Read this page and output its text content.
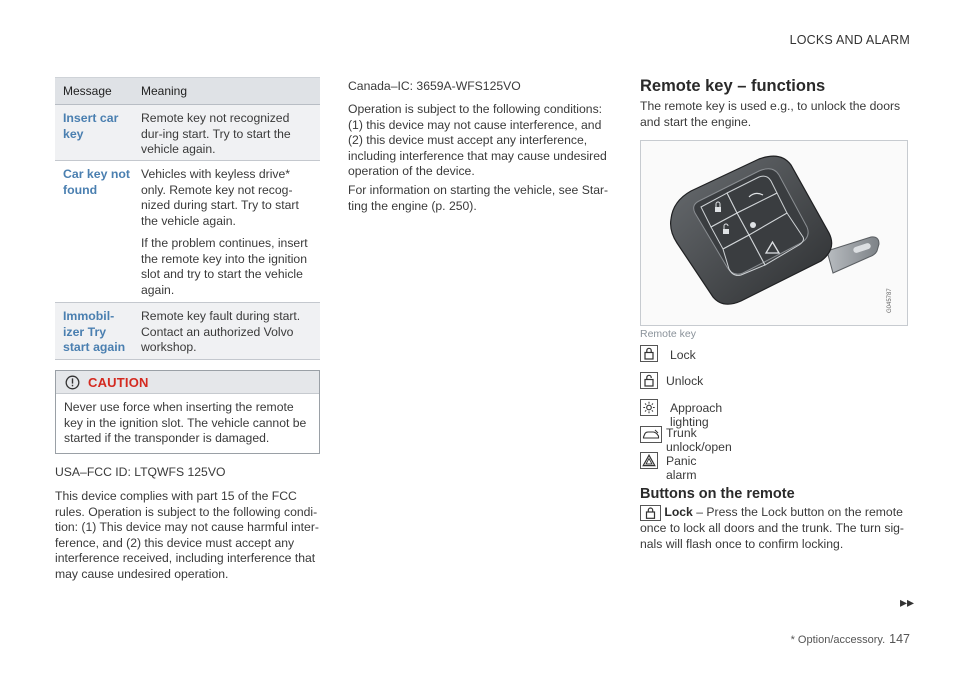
LOCKS AND ALARM
Message Meaning
Insert car key

Remote key not recognized dur-ing start. Try to start the vehicle again.

Car key not found

Vehicles with keyless drive* only. Remote key not recog-nized during start. Try to start the vehicle again.

If the problem continues, insert the remote key into the ignition slot and try to start the vehicle again.

Immobil-izer Try start again

Remote key fault during start. Contact an authorized Volvo workshop.

CAUTION
Never use force when inserting the remote key in the ignition slot. The vehicle cannot be started if the transponder is damaged.

USA–FCC ID: LTQWFS 125VO

This device complies with part 15 of the FCC rules. Operation is subject to the following condi-tion: (1) This device may not cause harmful inter-ference, and (2) this device must accept any interference received, including interference that may cause undesired operation.

Canada–IC: 3659A-WFS125VO

Operation is subject to the following conditions: (1) this device may not cause interference, and (2) this device must accept any interference, including interference that may cause undesired operation of the device.

For information on starting the vehicle, see Star-ting the engine (p. 250).

Remote key – functions

The remote key is used e.g., to unlock the doors and start the engine.

G045787
Remote key
Lock
Unlock
Approach lighting
Trunk unlock/open
Panic alarm
Buttons on the remote
Lock – Press the Lock button on the remote once to lock all doors and the trunk. The turn sig-nals will flash once to confirm locking.
▸▸
* Option/accessory. 147
